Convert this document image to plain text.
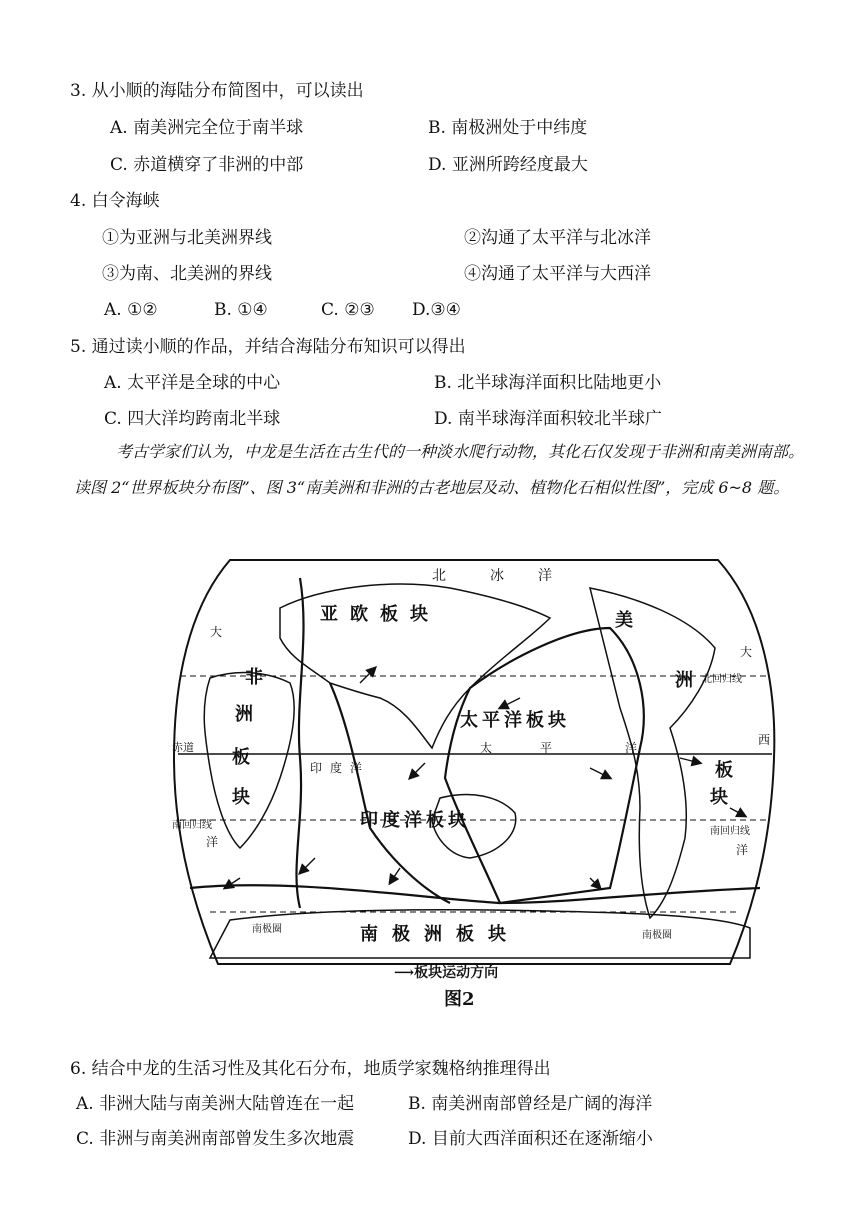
3. 从小顺的海陆分布简图中，可以读出
A. 南美洲完全位于南半球	B. 南极洲处于中纬度
C. 赤道横穿了非洲的中部	D. 亚洲所跨经度最大
4. 白令海峡
①为亚洲与北美洲界线	②沟通了太平洋与北冰洋
③为南、北美洲的界线	④沟通了太平洋与大西洋
A. ①②	B. ①④	C. ②③ D.③④
5. 通过读小顺的作品，并结合海陆分布知识可以得出
A. 太平洋是全球的中心	B. 北半球海洋面积比陆地更小
C. 四大洋均跨南北半球	D. 南半球海洋面积较北半球广
考古学家们认为，中龙是生活在古生代的一种淡水爬行动物，其化石仅发现于非洲和南美洲南部。读图 2“世界板块分布图”、图 3“南美洲和非洲的古老地层及动、植物化石相似性图”，完成 6~8 题。
北	冰 洋
亚欧板块
大
美
大
非	洲 北回归线
洲	太平洋板块
西
赤道	太	平	洋
板	印度洋	板
块	块
印度洋板块
南回归线
南回归线
洋
洋
南极圈
南极圈
南极洲板块
⟶板块运动方向
图2
6. 结合中龙的生活习性及其化石分布，地质学家魏格纳推理得出
A. 非洲大陆与南美洲大陆曾连在一起	B. 南美洲南部曾经是广阔的海洋
C. 非洲与南美洲南部曾发生多次地震	D. 目前大西洋面积还在逐渐缩小
